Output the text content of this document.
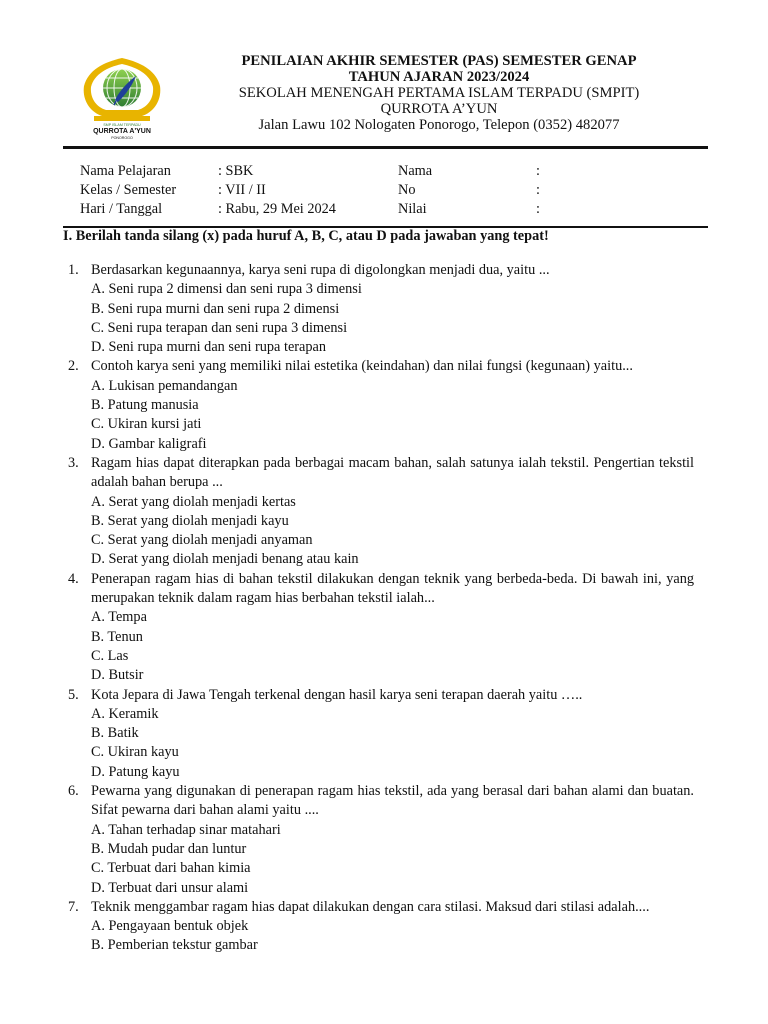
SMP ISLAM TERPADU
QURROTA A'YUN
PONOROGO
PENILAIAN AKHIR SEMESTER (PAS) SEMESTER GENAP
TAHUN AJARAN 2023/2024
SEKOLAH MENENGAH PERTAMA ISLAM TERPADU (SMPIT)
QURROTA A’YUN
Jalan Lawu 102 Nologaten Ponorogo, Telepon (0352) 482077
Nama Pelajaran
Kelas / Semester
Hari / Tanggal
: SBK
: VII / II
: Rabu, 29 Mei 2024
Nama
No
Nilai
:
:
:
I. Berilah tanda silang (x) pada huruf A, B, C, atau D pada jawaban yang tepat!
1. Berdasarkan kegunaannya, karya seni rupa di digolongkan menjadi dua, yaitu ...
A. Seni rupa 2 dimensi dan seni rupa 3 dimensi
B. Seni rupa murni dan seni rupa 2 dimensi
C. Seni rupa terapan dan seni rupa 3 dimensi
D. Seni rupa murni dan seni rupa terapan
2. Contoh karya seni yang memiliki nilai estetika (keindahan) dan nilai fungsi (kegunaan) yaitu...
A. Lukisan pemandangan
B. Patung manusia
C. Ukiran kursi jati
D. Gambar kaligrafi
3. Ragam hias dapat diterapkan pada berbagai macam bahan, salah satunya ialah tekstil. Pengertian tekstil adalah bahan berupa ...
A. Serat yang diolah menjadi kertas
B. Serat yang diolah menjadi kayu
C. Serat yang diolah menjadi anyaman
D. Serat yang diolah menjadi benang atau kain
4. Penerapan ragam hias di bahan tekstil dilakukan dengan teknik yang berbeda-beda. Di bawah ini, yang merupakan teknik dalam ragam hias berbahan tekstil ialah...
A. Tempa
B. Tenun
C. Las
D. Butsir
5. Kota Jepara di Jawa Tengah terkenal dengan hasil karya seni terapan daerah yaitu …..
A. Keramik
B. Batik
C. Ukiran kayu
D. Patung kayu
6. Pewarna yang digunakan di penerapan ragam hias tekstil, ada yang berasal dari bahan alami dan buatan. Sifat pewarna dari bahan alami yaitu ....
A. Tahan terhadap sinar matahari
B. Mudah pudar dan luntur
C. Terbuat dari bahan kimia
D. Terbuat dari unsur alami
7. Teknik menggambar ragam hias dapat dilakukan dengan cara stilasi. Maksud dari stilasi adalah....
A. Pengayaan bentuk objek
B. Pemberian tekstur gambar
